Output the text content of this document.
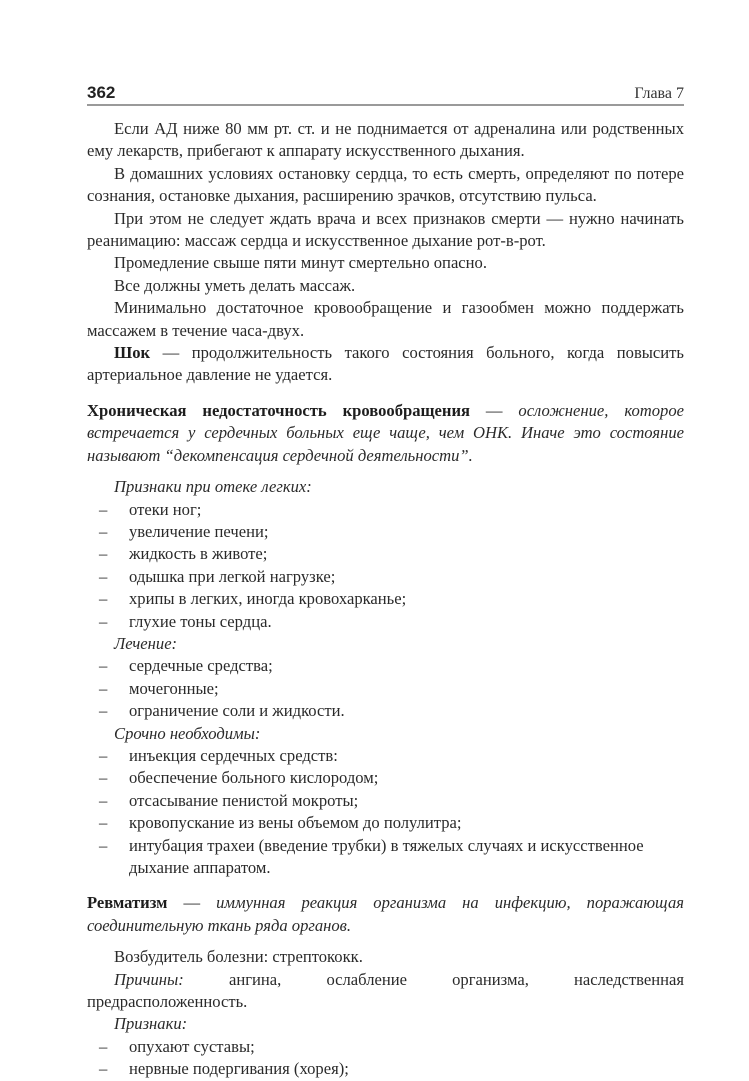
362	Глава 7

Если АД ниже 80 мм рт. ст. и не поднимается от адреналина или родственных ему лекарств, прибегают к аппарату искусственного дыхания.

В домашних условиях остановку сердца, то есть смерть, определяют по потере сознания, остановке дыхания, расширению зрачков, отсутствию пульса.

При этом не следует ждать врача и всех признаков смерти — нужно начинать реанимацию: массаж сердца и искусственное дыхание рот-в-рот.

Промедление свыше пяти минут смертельно опасно.

Все должны уметь делать массаж.

Минимально достаточное кровообращение и газообмен можно поддержать массажем в течение часа-двух.

Шок — продолжительность такого состояния больного, когда повысить артериальное давление не удается.

Хроническая недостаточность кровообращения — осложнение, которое встречается у сердечных больных еще чаще, чем ОНК. Иначе это состояние называют “декомпенсация сердечной деятельности”.

Признаки при отеке легких:
– отеки ног;
– увеличение печени;
– жидкость в животе;
– одышка при легкой нагрузке;
– хрипы в легких, иногда кровохарканье;
– глухие тоны сердца.
Лечение:
– сердечные средства;
– мочегонные;
– ограничение соли и жидкости.
Срочно необходимы:
– инъекция сердечных средств:
– обеспечение больного кислородом;
– отсасывание пенистой мокроты;
– кровопускание из вены объемом до полулитра;
– интубация трахеи (введение трубки) в тяжелых случаях и искусственное дыхание аппаратом.

Ревматизм — иммунная реакция организма на инфекцию, поражающая соединительную ткань ряда органов.

Возбудитель болезни: стрептококк.

Причины: ангина, ослабление организма, наследственная предрасположенность.

Признаки:
– опухают суставы;
– нервные подергивания (хорея);
